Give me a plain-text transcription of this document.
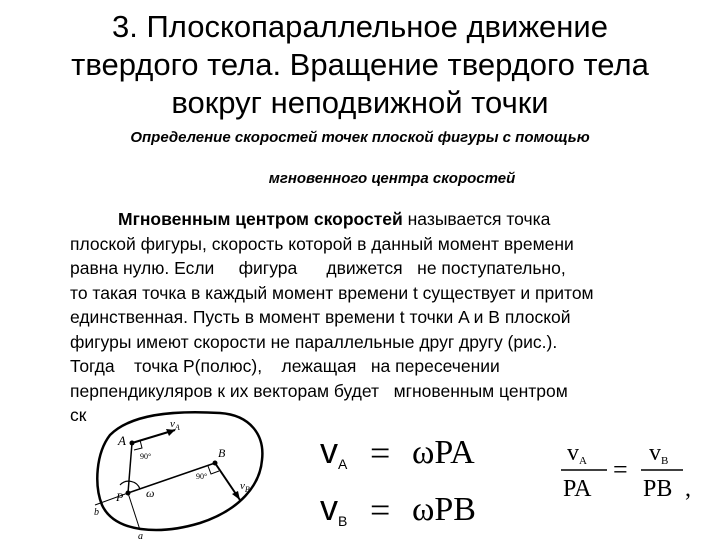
3. Плоскопараллельное движение
твердого тела. Вращение твердого тела
вокруг неподвижной точки
Определение скоростей точек плоской фигуры с помощью
мгновенного центра скоростей
Мгновенным центром скоростей называется точка
плоской фигуры, скорость которой в данный момент времени
равна нулю. Если     фигура      движется   не поступательно,
то такая точка в каждый момент времени t существует и притом
единственная. Пусть в момент времени t точки A и B плоской
фигуры имеют скорости не параллельные друг другу (рис.).
Тогда    точка P(полюс),    лежащая   на пересечении
перпендикуляров к их векторам будет   мгновенным центром
ск
A
B
P
$v_A$
$v_B$
ω
90°
90°
b
a
vA = ωPA
vB = ωPB
vA
PA
=
vB
PB ,
